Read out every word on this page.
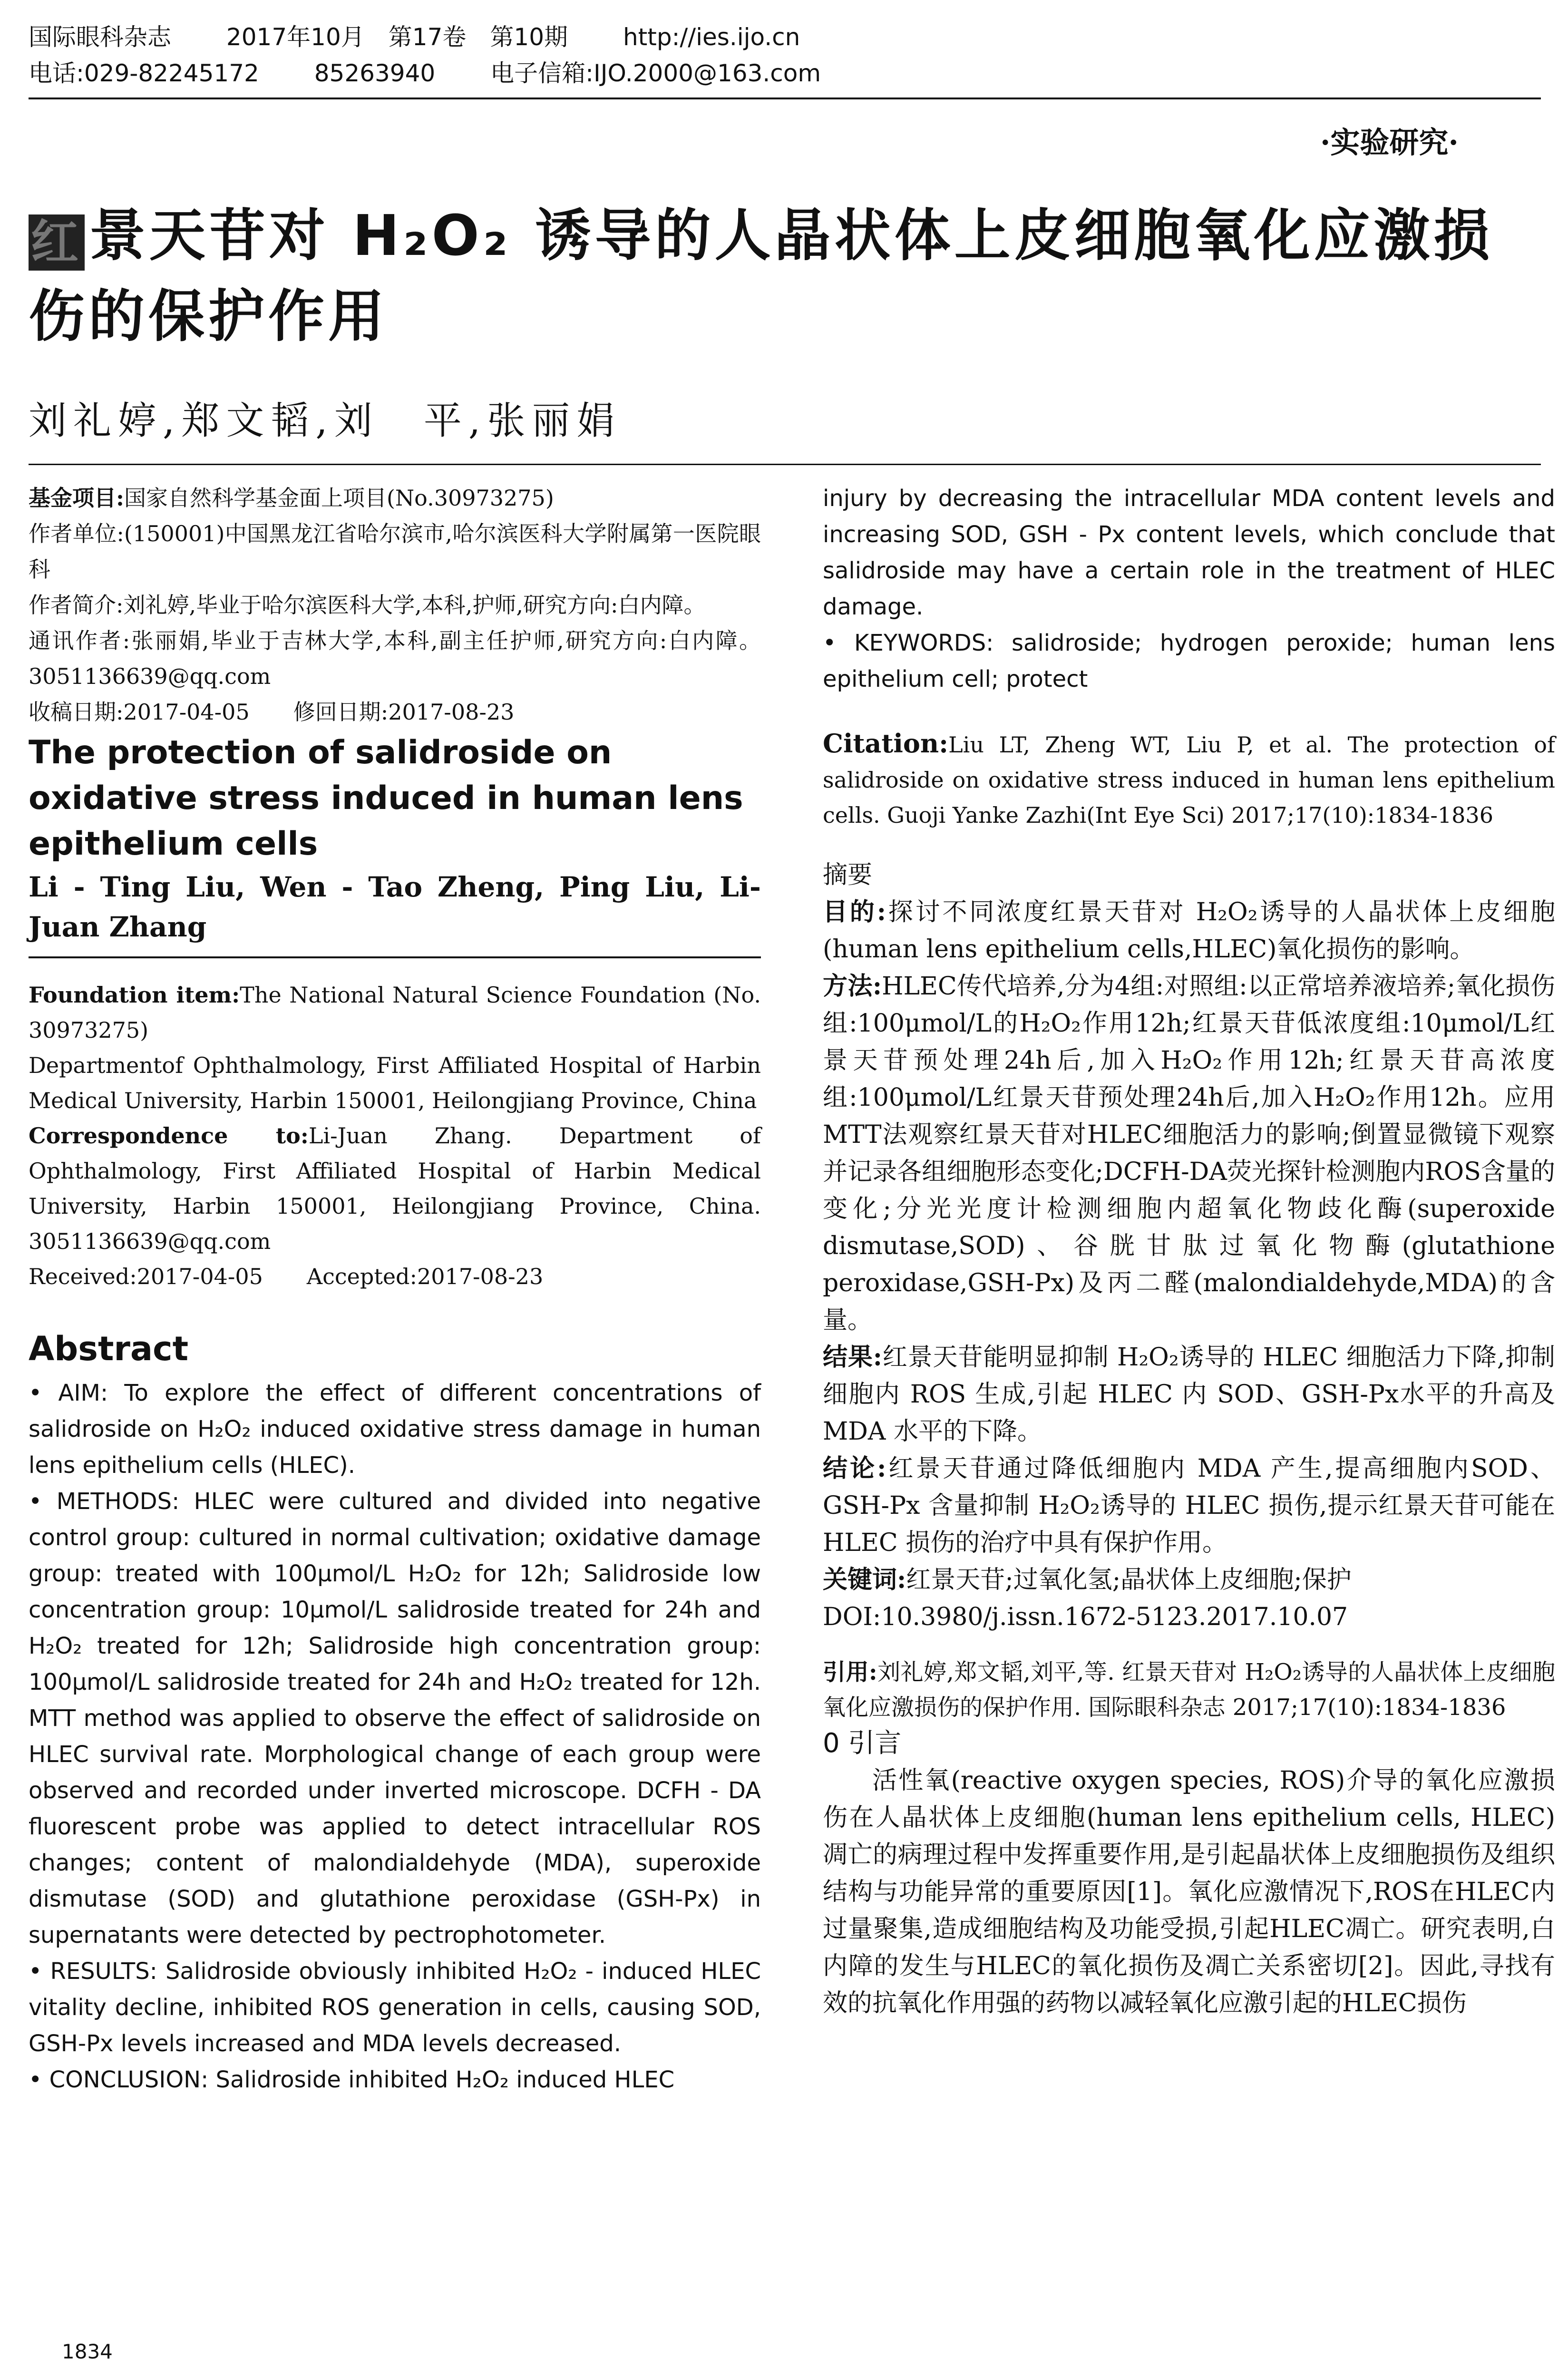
国际眼科杂志 2017年10月　第17卷　第10期 http://ies.ijo.cn
电话:029-82245172 85263940 电子信箱:IJO.2000@163.com
·实验研究·
红 景天苷对 H₂O₂ 诱导的人晶状体上皮细胞氧化应激损伤的保护作用
刘礼婷,郑文韬,刘　平,张丽娟

基金项目:国家自然科学基金面上项目(No.30973275)

作者单位:(150001)中国黑龙江省哈尔滨市,哈尔滨医科大学附属第一医院眼科

作者简介:刘礼婷,毕业于哈尔滨医科大学,本科,护师,研究方向:白内障。

通讯作者:张丽娟,毕业于吉林大学,本科,副主任护师,研究方向:白内障。3051136639@qq.com

收稿日期:2017-04-05　　修回日期:2017-08-23

The protection of salidroside on oxidative stress induced in human lens epithelium cells

Li - Ting Liu, Wen - Tao Zheng, Ping Liu, Li-Juan Zhang

Foundation item:The National Natural Science Foundation (No. 30973275)

Departmentof Ophthalmology, First Affiliated Hospital of Harbin Medical University, Harbin 150001, Heilongjiang Province, China

Correspondence to:Li-Juan Zhang. Department of Ophthalmology, First Affiliated Hospital of Harbin Medical University, Harbin 150001, Heilongjiang Province, China. 3051136639@qq.com

Received:2017-04-05　　Accepted:2017-08-23

Abstract

• AIM: To explore the effect of different concentrations of salidroside on H₂O₂ induced oxidative stress damage in human lens epithelium cells (HLEC).

• METHODS: HLEC were cultured and divided into negative control group: cultured in normal cultivation; oxidative damage group: treated with 100μmol/L H₂O₂ for 12h; Salidroside low concentration group: 10μmol/L salidroside treated for 24h and H₂O₂ treated for 12h; Salidroside high concentration group: 100μmol/L salidroside treated for 24h and H₂O₂ treated for 12h. MTT method was applied to observe the effect of salidroside on HLEC survival rate. Morphological change of each group were observed and recorded under inverted microscope. DCFH - DA fluorescent probe was applied to detect intracellular ROS changes; content of malondialdehyde (MDA), superoxide dismutase (SOD) and glutathione peroxidase (GSH-Px) in supernatants were detected by pectrophotometer.

• RESULTS: Salidroside obviously inhibited H₂O₂ - induced HLEC vitality decline, inhibited ROS generation in cells, causing SOD, GSH-Px levels increased and MDA levels decreased.

• CONCLUSION: Salidroside inhibited H₂O₂ induced HLEC

injury by decreasing the intracellular MDA content levels and increasing SOD, GSH - Px content levels, which conclude that salidroside may have a certain role in the treatment of HLEC damage.

• KEYWORDS: salidroside; hydrogen peroxide; human lens epithelium cell; protect

Citation:Liu LT, Zheng WT, Liu P, et al. The protection of salidroside on oxidative stress induced in human lens epithelium cells. Guoji Yanke Zazhi(Int Eye Sci) 2017;17(10):1834-1836

摘要

目的:探讨不同浓度红景天苷对 H₂O₂诱导的人晶状体上皮细胞(human lens epithelium cells,HLEC)氧化损伤的影响。

方法:HLEC传代培养,分为4组:对照组:以正常培养液培养;氧化损伤组:100μmol/L的H₂O₂作用12h;红景天苷低浓度组:10μmol/L红景天苷预处理24h后,加入H₂O₂作用12h;红景天苷高浓度组:100μmol/L红景天苷预处理24h后,加入H₂O₂作用12h。应用MTT法观察红景天苷对HLEC细胞活力的影响;倒置显微镜下观察并记录各组细胞形态变化;DCFH-DA荧光探针检测胞内ROS含量的变化;分光光度计检测细胞内超氧化物歧化酶(superoxide dismutase,SOD)、谷胱甘肽过氧化物酶(glutathione peroxidase,GSH-Px)及丙二醛(malondialdehyde,MDA)的含量。

结果:红景天苷能明显抑制 H₂O₂诱导的 HLEC 细胞活力下降,抑制细胞内 ROS 生成,引起 HLEC 内 SOD、GSH-Px水平的升高及 MDA 水平的下降。

结论:红景天苷通过降低细胞内 MDA 产生,提高细胞内SOD、GSH-Px 含量抑制 H₂O₂诱导的 HLEC 损伤,提示红景天苷可能在 HLEC 损伤的治疗中具有保护作用。

关键词:红景天苷;过氧化氢;晶状体上皮细胞;保护

DOI:10.3980/j.issn.1672-5123.2017.10.07

引用:刘礼婷,郑文韬,刘平,等. 红景天苷对 H₂O₂诱导的人晶状体上皮细胞氧化应激损伤的保护作用. 国际眼科杂志 2017;17(10):1834-1836

0 引言

活性氧(reactive oxygen species, ROS)介导的氧化应激损伤在人晶状体上皮细胞(human lens epithelium cells, HLEC)凋亡的病理过程中发挥重要作用,是引起晶状体上皮细胞损伤及组织结构与功能异常的重要原因[1]。氧化应激情况下,ROS在HLEC内过量聚集,造成细胞结构及功能受损,引起HLEC凋亡。研究表明,白内障的发生与HLEC的氧化损伤及凋亡关系密切[2]。因此,寻找有效的抗氧化作用强的药物以减轻氧化应激引起的HLEC损伤

1834
